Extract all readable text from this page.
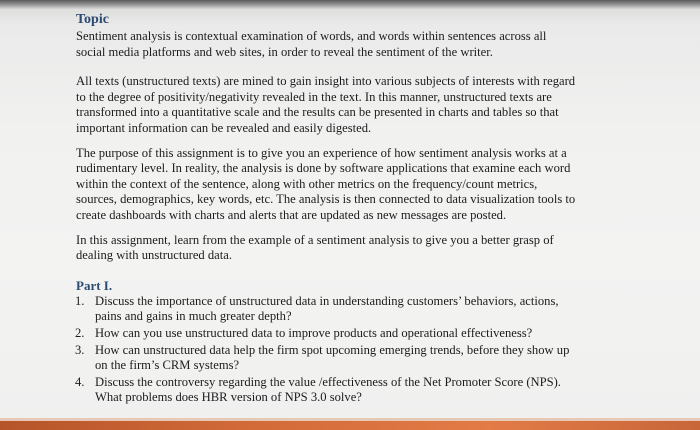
Topic

Sentiment analysis is contextual examination of words, and words within sentences across all social media platforms and web sites, in order to reveal the sentiment of the writer.

All texts (unstructured texts) are mined to gain insight into various subjects of interests with regard to the degree of positivity/negativity revealed in the text. In this manner, unstructured texts are transformed into a quantitative scale and the results can be presented in charts and tables so that important information can be revealed and easily digested.

The purpose of this assignment is to give you an experience of how sentiment analysis works at a rudimentary level. In reality, the analysis is done by software applications that examine each word within the context of the sentence, along with other metrics on the frequency/count metrics, sources, demographics, key words, etc. The analysis is then connected to data visualization tools to create dashboards with charts and alerts that are updated as new messages are posted.

In this assignment, learn from the example of a sentiment analysis to give you a better grasp of dealing with unstructured data.

Part I.
1. Discuss the importance of unstructured data in understanding customers’ behaviors, actions, pains and gains in much greater depth?
2. How can you use unstructured data to improve products and operational effectiveness?
3. How can unstructured data help the firm spot upcoming emerging trends, before they show up on the firm’s CRM systems?
4. Discuss the controversy regarding the value /effectiveness of the Net Promoter Score (NPS). What problems does HBR version of NPS 3.0 solve?
